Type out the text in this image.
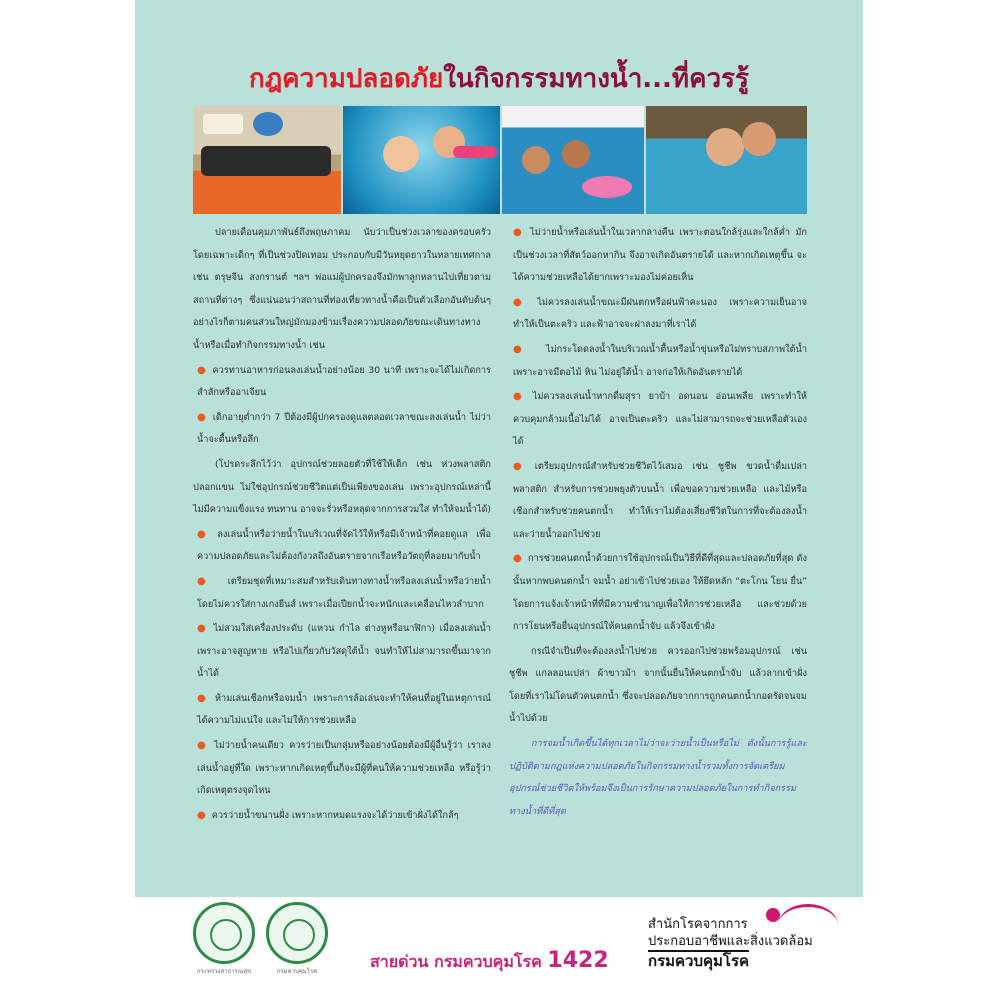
กฎความปลอดภัยในกิจกรรมทางน้ำ...ที่ควรรู้

ปลายเดือนคุมภาพันธ์ถึงพฤษภาคม นับว่าเป็นช่วงเวลาของครอบครัว โดยเฉพาะเด็กๆ ที่เป็นช่วงปิดเทอม ประกอบกับมีวันหยุดยาวในหลายเทศกาล เช่น ตรุษจีน สงกรานต์ ฯลฯ พ่อแม่ผู้ปกครองจึงมักพาลูกหลานไปเที่ยวตามสถานที่ต่างๆ ซึ่งแน่นอนว่าสถานที่ท่องเที่ยวทางน้ำคือเป็นตัวเลือกอันดับต้นๆ อย่างไรก็ตามคนส่วนใหญ่มักมองข้ามเรื่องความปลอดภัยขณะเดินทางทางน้ำหรือเมื่อทำกิจกรรมทางน้ำ เช่น

● ควรทานอาหารก่อนลงเล่นน้ำอย่างน้อย 30 นาที เพราะจะได้ไม่เกิดการสำลักหรืออาเจียน

● เด็กอายุต่ำกว่า 7 ปีต้องมีผู้ปกครองดูแลตลอดเวลาขณะลงเล่นน้ำ ไม่ว่าน้ำจะตื้นหรือลึก

(โปรดระลึกไว้ว่า อุปกรณ์ช่วยลอยตัวที่ใช้ให้เด็ก เช่น ห่วงพลาสติก ปลอกแขน ไม่ใช่อุปกรณ์ช่วยชีวิตแต่เป็นเพียงของเล่น เพราะอุปกรณ์เหล่านี้ ไม่มีความแข็งแรง ทนทาน อาจจะรั่วหรือหลุดจากการสวมใส่ ทำให้จมน้ำได้)

● ลงเล่นน้ำหรือว่ายน้ำในบริเวณที่จัดไว้ให้หรือมีเจ้าหน้าที่คอยดูแล เพื่อความปลอดภัยและไม่ต้องกังวลถึงอันตรายจากเรือหรือวัตถุที่ลอยมากับน้ำ

● เตรียมชุดที่เหมาะสมสำหรับเดินทางทางน้ำหรือลงเล่นน้ำหรือว่ายน้ำ โดยไม่ควรใส่กางเกงยีนส์ เพราะเมื่อเปียกน้ำจะหนักและเคลื่อนไหวลำบาก

● ไม่สวมใส่เครื่องประดับ (แหวน กำไล ต่างหูหรือนาฬิกา) เมื่อลงเล่นน้ำ เพราะอาจสูญหาย หรือไปเกี่ยวกับวัสดุใต้น้ำ จนทำให้ไม่สามารถขึ้นมาจากน้ำได้

● ห้ามเล่นเชือกหรือจมน้ำ เพราะการล้อเล่นจะทำให้คนที่อยู่ในเหตุการณ์ได้ความไม่แน่ใจ และไม่ให้การช่วยเหลือ

● ไม่ว่ายน้ำคนเดียว ควรว่ายเป็นกลุ่มหรืออย่างน้อยต้องมีผู้อื่นรู้ว่า เราลงเล่นน้ำอยู่ที่ใด เพราะหากเกิดเหตุขึ้นก็จะมีผู้ที่คนให้ความช่วยเหลือ หรือรู้ว่าเกิดเหตุตรงจุดไหน

● ควรว่ายน้ำขนานฝั่ง เพราะหากหมดแรงจะได้ว่ายเข้าฝั่งได้ใกล้ๆ

● ไม่ว่ายน้ำหรือเล่นน้ำในเวลากลางคืน เพราะตอนใกล้รุ่งและใกล้ค่ำ มักเป็นช่วงเวลาที่สัตว์ออกหากิน จึงอาจเกิดอันตรายได้ และหากเกิดเหตุขึ้น จะได้ความช่วยเหลือได้ยากเพราะมองไม่ค่อยเห็น

● ไม่ควรลงเล่นน้ำขณะมีฝนตกหรือฝนฟ้าคะนอง เพราะความเย็นอาจทำให้เป็นตะคริว และฟ้าอาจจะผ่าลงมาที่เราได้

● ไม่กระโดดลงน้ำในบริเวณน้ำตื้นหรือน้ำขุ่นหรือไม่ทราบสภาพใต้น้ำ เพราะอาจมีตอไม้ หิน ไม่อยู่ใต้น้ำ อาจก่อให้เกิดอันตรายได้

● ไม่ควรลงเล่นน้ำหากดื่มสุรา ยาบ้า อดนอน อ่อนเพลีย เพราะทำให้ควบคุมกล้ามเนื้อไม่ได้ อาจเป็นตะคริว และไม่สามารถจะช่วยเหลือตัวเองได้

● เตรียมอุปกรณ์สำหรับช่วยชีวิตไว้เสมอ เช่น ชูชีพ ขวดน้ำดื่มเปล่าพลาสติก สำหรับการช่วยพยุงตัวบนน้ำ เพื่อขอความช่วยเหลือ และไม้หรือเชือกสำหรับช่วยคนตกน้ำ ทำให้เราไม่ต้องเสี่ยงชีวิตในการที่จะต้องลงน้ำและว่ายน้ำออกไปช่วย

● การช่วยคนตกน้ำด้วยการใช้อุปกรณ์เป็นวิธีที่ดีที่สุดและปลอดภัยที่สุด ดังนั้นหากพบคนตกน้ำ จมน้ำ อย่าเข้าไปช่วยเอง ให้ยึดหลัก “ตะโกน โยน ยื่น” โดยการแจ้งเจ้าหน้าที่ที่มีความชำนาญเพื่อให้การช่วยเหลือ และช่วยด้วยการโยนหรือยื่นอุปกรณ์ให้คนตกน้ำจับ แล้วจึงเข้าฝั่ง

กรณีจำเป็นที่จะต้องลงน้ำไปช่วย ควรออกไปช่วยพร้อมอุปกรณ์ เช่น ชูชีพ แกลลอนเปล่า ผ้าขาวม้า จากนั้นยื่นให้คนตกน้ำจับ แล้วลากเข้าฝั่ง โดยที่เราไม่โดนตัวคนตกน้ำ ซึ่งจะปลอดภัยจากการถูกคนตกน้ำกอดรัดจนจมน้ำไปด้วย

การจมน้ำเกิดขึ้นได้ทุกเวลาไม่ว่าจะว่ายน้ำเป็นหรือไม่ ดังนั้นการรู้และปฏิบัติตามกฎแห่งความปลอดภัยในกิจกรรมทางน้ำรวมทั้งการจัดเตรียมอุปกรณ์ช่วยชีวิตให้พร้อมจึงเป็นการรักษาความปลอดภัยในการทำกิจกรรมทางน้ำที่ดีที่สุด

กระทรวงสาธารณสุข	กรมควบคุมโรค
สายด่วน กรมควบคุมโรค 1422
สำนักโรคจากการ
ประกอบอาชีพและสิ่งแวดล้อม
กรมควบคุมโรค
